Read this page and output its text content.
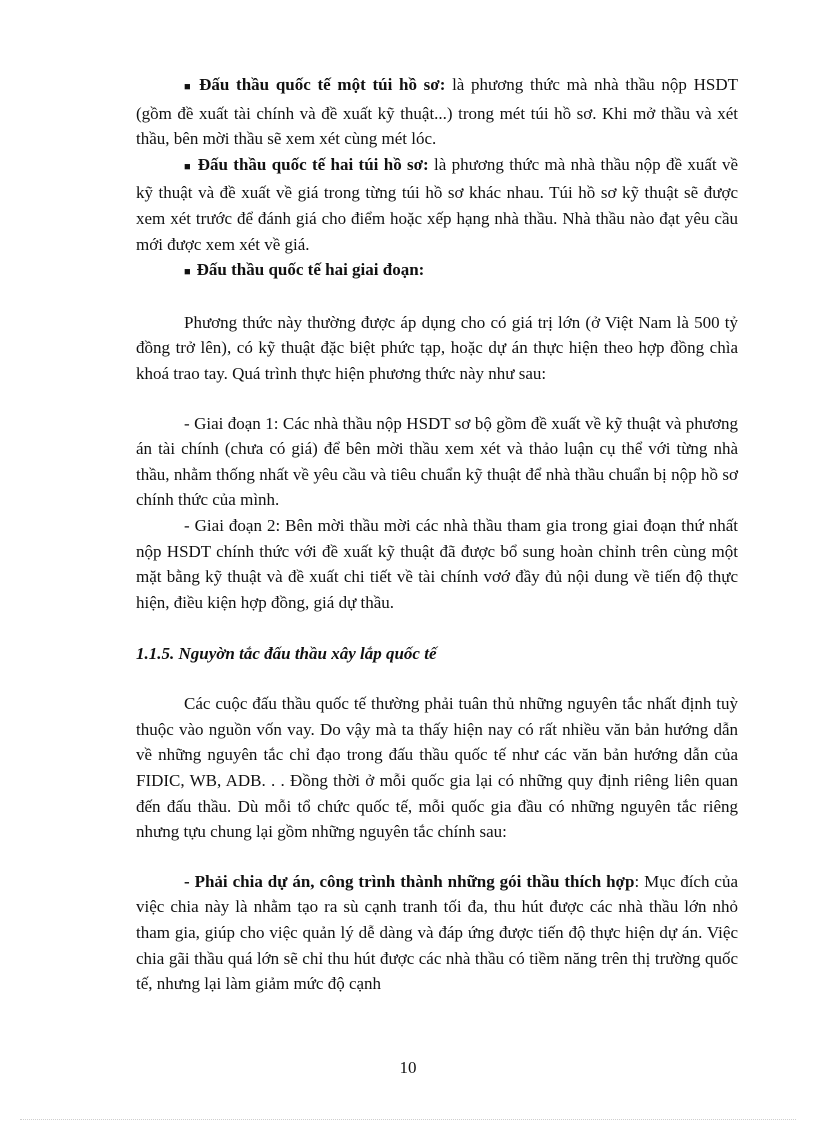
■ Đấu thầu quốc tế một túi hồ sơ: là phương thức mà nhà thầu nộp HSDT (gồm đề xuất tài chính và đề xuất kỹ thuật...) trong mét túi hồ sơ. Khi mở thầu và xét thầu, bên mời thầu sẽ xem xét cùng mét lóc.

■ Đấu thầu quốc tế hai túi hồ sơ: là phương thức mà nhà thầu nộp đề xuất về kỹ thuật và đề xuất về giá trong từng túi hồ sơ khác nhau. Túi hồ sơ kỹ thuật sẽ được xem xét trước để đánh giá cho điểm hoặc xếp hạng nhà thầu. Nhà thầu nào đạt yêu cầu mới được xem xét về giá.

■ Đấu thầu quốc tế hai giai đoạn:

Phương thức này thường được áp dụng cho có giá trị lớn (ở Việt Nam là 500 tỷ đồng trở lên), có kỹ thuật đặc biệt phức tạp, hoặc dự án thực hiện theo hợp đồng chìa khoá trao tay. Quá trình thực hiện phương thức này như sau:

- Giai đoạn 1: Các nhà thầu nộp HSDT sơ bộ gồm đề xuất về kỹ thuật và phương án tài chính (chưa có giá) để bên mời thầu xem xét và thảo luận cụ thể với từng nhà thầu, nhằm thống nhất về yêu cầu và tiêu chuẩn kỹ thuật để nhà thầu chuẩn bị nộp hồ sơ chính thức của mình.

- Giai đoạn 2: Bên mời thầu mời các nhà thầu tham gia trong giai đoạn thứ nhất nộp HSDT chính thức với đề xuất kỹ thuật đã được bổ sung hoàn chỉnh trên cùng một mặt bằng kỹ thuật và đề xuất chi tiết về tài chính vơớ đầy đủ nội dung về tiến độ thực hiện, điều kiện hợp đồng, giá dự thầu.

1.1.5. Nguyờn tắc đấu thầu xây lắp quốc tế

Các cuộc đấu thầu quốc tế thường phải tuân thủ những nguyên tắc nhất định tuỳ thuộc vào nguồn vốn vay. Do vậy mà ta thấy hiện nay có rất nhiều văn bản hướng dẫn về những nguyên tắc chỉ đạo trong đấu thầu quốc tế như các văn bản hướng dẫn của FIDIC, WB, ADB. . . Đồng thời ở mỗi quốc gia lại có những quy định riêng liên quan đến đấu thầu. Dù mỗi tổ chức quốc tế, mỗi quốc gia đầu có những nguyên tắc riêng nhưng tựu chung lại gồm những nguyên tắc chính sau:

- Phải chia dự án, công trình thành những gói thầu thích hợp: Mục đích của việc chia này là nhằm tạo ra sù cạnh tranh tối đa, thu hút được các nhà thầu lớn nhỏ tham gia, giúp cho việc quản lý dễ dàng và đáp ứng được tiến độ thực hiện dự án. Việc chia gãi thầu quá lớn sẽ chỉ thu hút được các nhà thầu có tiềm năng trên thị trường quốc tế, nhưng lại làm giảm mức độ cạnh

10
